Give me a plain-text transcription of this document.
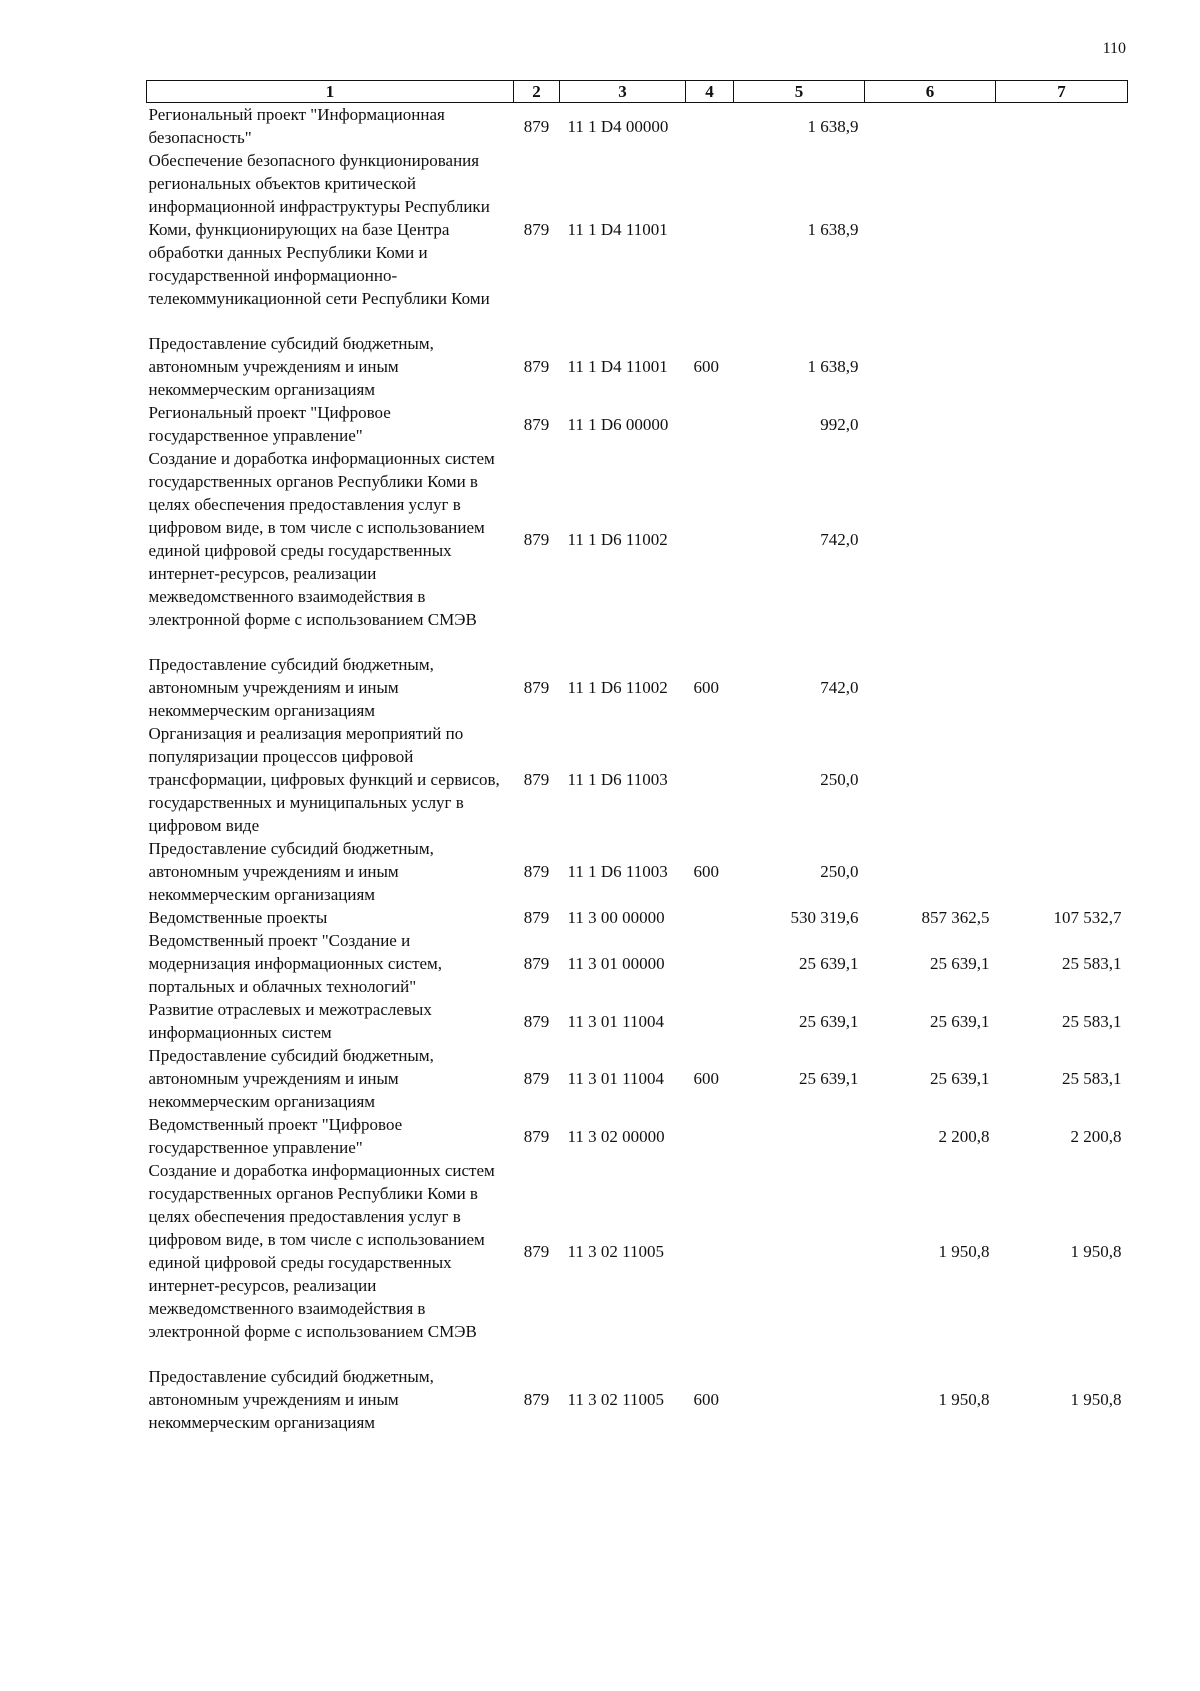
110
1	2	3	4	5	6	7
Региональный проект "Информационная безопасность"	879	11 1 D4 00000		1 638,9		
Обеспечение безопасного функционирования региональных объектов критической информационной инфраструктуры Республики Коми, функционирующих на базе Центра обработки данных Республики Коми и государственной информационно-телекоммуникационной сети Республики Коми	879	11 1 D4 11001		1 638,9		

Предоставление субсидий бюджетным, автономным учреждениям и иным некоммерческим организациям	879	11 1 D4 11001	600	1 638,9		
Региональный проект "Цифровое государственное управление"	879	11 1 D6 00000		992,0		
Создание и доработка информационных систем государственных органов Республики Коми в целях обеспечения предоставления услуг в цифровом виде, в том числе с использованием единой цифровой среды государственных интернет-ресурсов, реализации межведомственного взаимодействия в электронной форме с использованием СМЭВ	879	11 1 D6 11002		742,0		

Предоставление субсидий бюджетным, автономным учреждениям и иным некоммерческим организациям	879	11 1 D6 11002	600	742,0		
Организация и реализация мероприятий по популяризации процессов цифровой трансформации, цифровых функций и сервисов, государственных и муниципальных услуг в цифровом виде	879	11 1 D6 11003		250,0		
Предоставление субсидий бюджетным, автономным учреждениям и иным некоммерческим организациям	879	11 1 D6 11003	600	250,0		
Ведомственные проекты	879	11 3 00 00000		530 319,6	857 362,5	107 532,7
Ведомственный проект "Создание и модернизация информационных систем, портальных и облачных технологий"	879	11 3 01 00000		25 639,1	25 639,1	25 583,1
Развитие отраслевых и межотраслевых информационных систем	879	11 3 01 11004		25 639,1	25 639,1	25 583,1
Предоставление субсидий бюджетным, автономным учреждениям и иным некоммерческим организациям	879	11 3 01 11004	600	25 639,1	25 639,1	25 583,1
Ведомственный проект "Цифровое государственное управление"	879	11 3 02 00000			2 200,8	2 200,8
Создание и доработка информационных систем государственных органов Республики Коми в целях обеспечения предоставления услуг в цифровом виде, в том числе с использованием единой цифровой среды государственных интернет-ресурсов, реализации межведомственного взаимодействия в электронной форме с использованием СМЭВ	879	11 3 02 11005			1 950,8	1 950,8

Предоставление субсидий бюджетным, автономным учреждениям и иным некоммерческим организациям	879	11 3 02 11005	600		1 950,8	1 950,8
